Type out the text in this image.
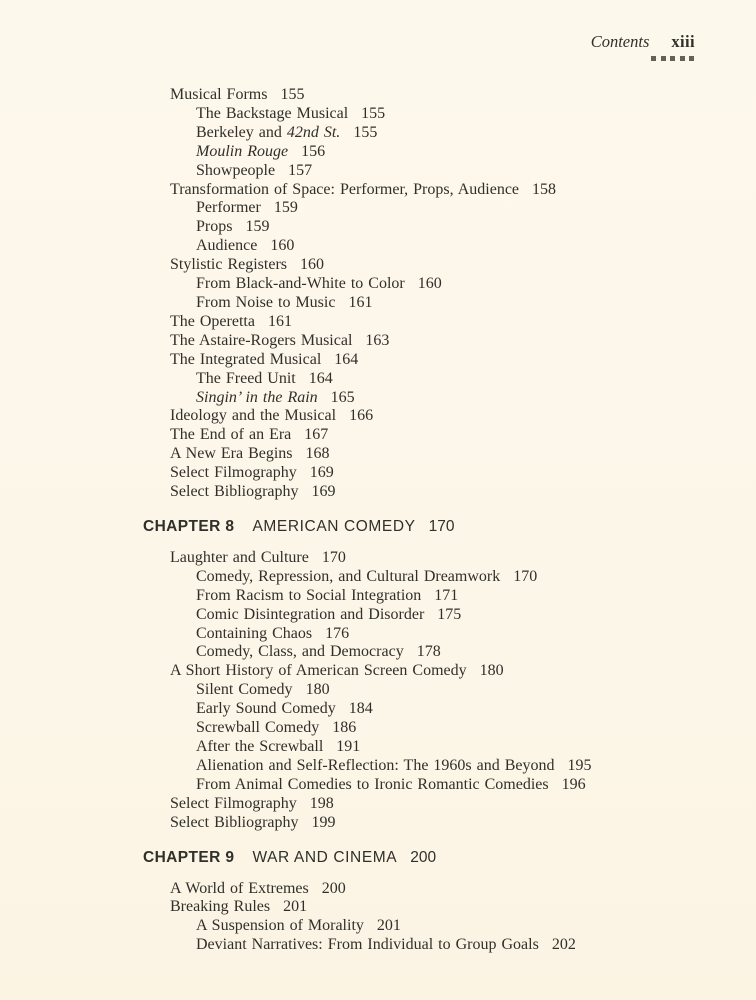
Contents xiii
Musical Forms 155
The Backstage Musical 155
Berkeley and 42nd St. 155
Moulin Rouge 156
Showpeople 157
Transformation of Space: Performer, Props, Audience 158
Performer 159
Props 159
Audience 160
Stylistic Registers 160
From Black-and-White to Color 160
From Noise to Music 161
The Operetta 161
The Astaire-Rogers Musical 163
The Integrated Musical 164
The Freed Unit 164
Singin’ in the Rain 165
Ideology and the Musical 166
The End of an Era 167
A New Era Begins 168
Select Filmography 169
Select Bibliography 169
CHAPTER 8 AMERICAN COMEDY 170
Laughter and Culture 170
Comedy, Repression, and Cultural Dreamwork 170
From Racism to Social Integration 171
Comic Disintegration and Disorder 175
Containing Chaos 176
Comedy, Class, and Democracy 178
A Short History of American Screen Comedy 180
Silent Comedy 180
Early Sound Comedy 184
Screwball Comedy 186
After the Screwball 191
Alienation and Self-Reflection: The 1960s and Beyond 195
From Animal Comedies to Ironic Romantic Comedies 196
Select Filmography 198
Select Bibliography 199
CHAPTER 9 WAR AND CINEMA 200
A World of Extremes 200
Breaking Rules 201
A Suspension of Morality 201
Deviant Narratives: From Individual to Group Goals 202
